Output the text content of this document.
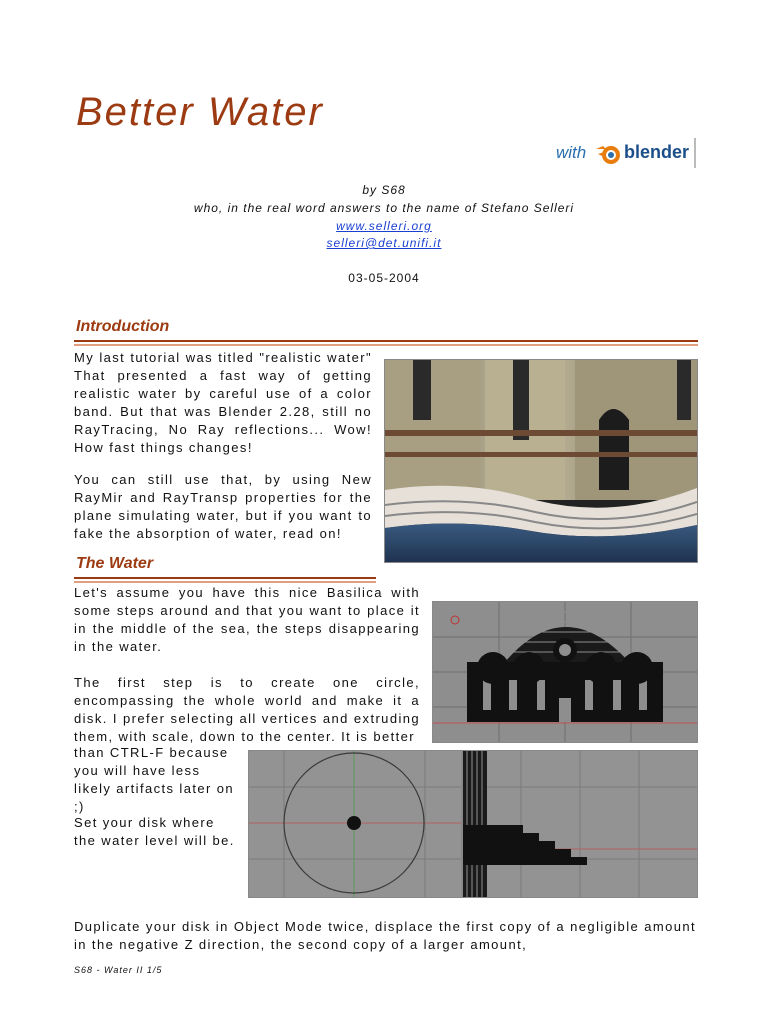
Better Water
with blender
by S68
who, in the real word answers to the name of Stefano Selleri
www.selleri.org
selleri@det.unifi.it
03-05-2004
Introduction
My last tutorial was titled "realistic water" That presented a fast way of getting realistic water by careful use of a color band. But that was Blender 2.28, still no RayTracing, No Ray reflections... Wow! How fast things changes!
You can still use that, by using New RayMir and RayTransp properties for the plane simulating water, but if you want to fake the absorption of water, read on!
The Water
Let's assume you have this nice Basilica with some steps around and that you want to place it in the middle of the sea, the steps disappearing in the water.
The first step is to create one circle, encompassing the whole world and make it a disk. I prefer selecting all vertices and extruding them, with scale, down to the center. It is better
than CTRL-F because you will have less likely artifacts later on ;)
Set your disk where the water level will be.
Duplicate your disk in Object Mode twice, displace the first copy of a negligible amount in the negative Z direction, the second copy of a larger amount,
S68 - Water II 1/5
